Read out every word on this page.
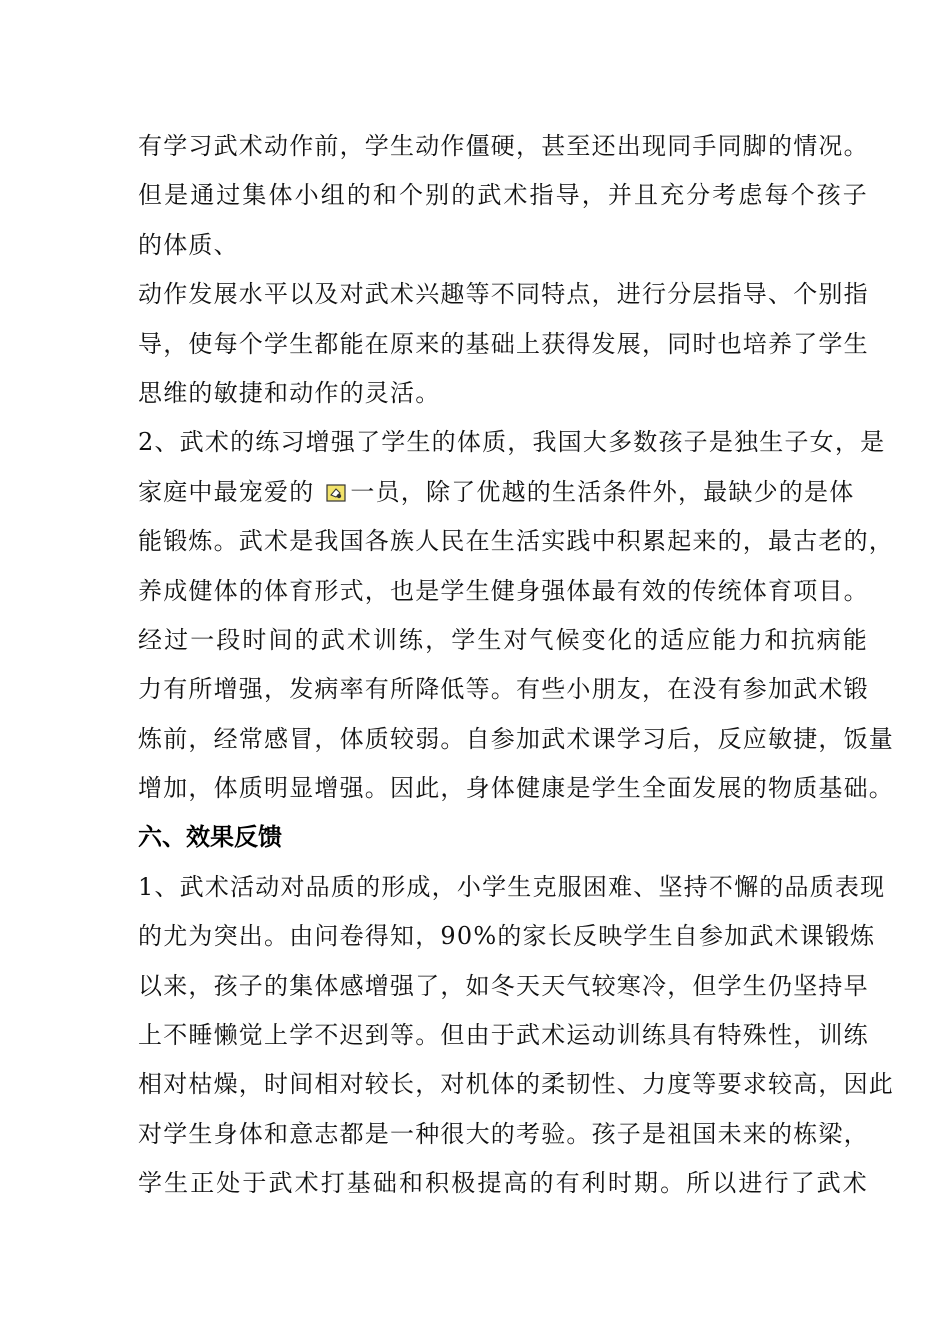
有学习武术动作前，学生动作僵硬，甚至还出现同手同脚的情况。
但是通过集体小组的和个别的武术指导，并且充分考虑每个孩子
的体质、
动作发展水平以及对武术兴趣等不同特点，进行分层指导、个别指
导，使每个学生都能在原来的基础上获得发展，同时也培养了学生
思维的敏捷和动作的灵活。
2、武术的练习增强了学生的体质，我国大多数孩子是独生子女，是
家庭中最宠爱的 一员，除了优越的生活条件外，最缺少的是体
能锻炼。武术是我国各族人民在生活实践中积累起来的，最古老的，
养成健体的体育形式，也是学生健身强体最有效的传统体育项目。
经过一段时间的武术训练，学生对气候变化的适应能力和抗病能
力有所增强，发病率有所降低等。有些小朋友，在没有参加武术锻
炼前，经常感冒，体质较弱。自参加武术课学习后，反应敏捷，饭量
增加，体质明显增强。因此，身体健康是学生全面发展的物质基础。
六、效果反馈
1、武术活动对品质的形成，小学生克服困难、坚持不懈的品质表现
的尤为突出。由问卷得知，90%的家长反映学生自参加武术课锻炼
以来，孩子的集体感增强了，如冬天天气较寒冷，但学生仍坚持早
上不睡懒觉上学不迟到等。但由于武术运动训练具有特殊性，训练
相对枯燥，时间相对较长，对机体的柔韧性、力度等要求较高，因此
对学生身体和意志都是一种很大的考验。孩子是祖国未来的栋梁，
学生正处于武术打基础和积极提高的有利时期。所以进行了武术
